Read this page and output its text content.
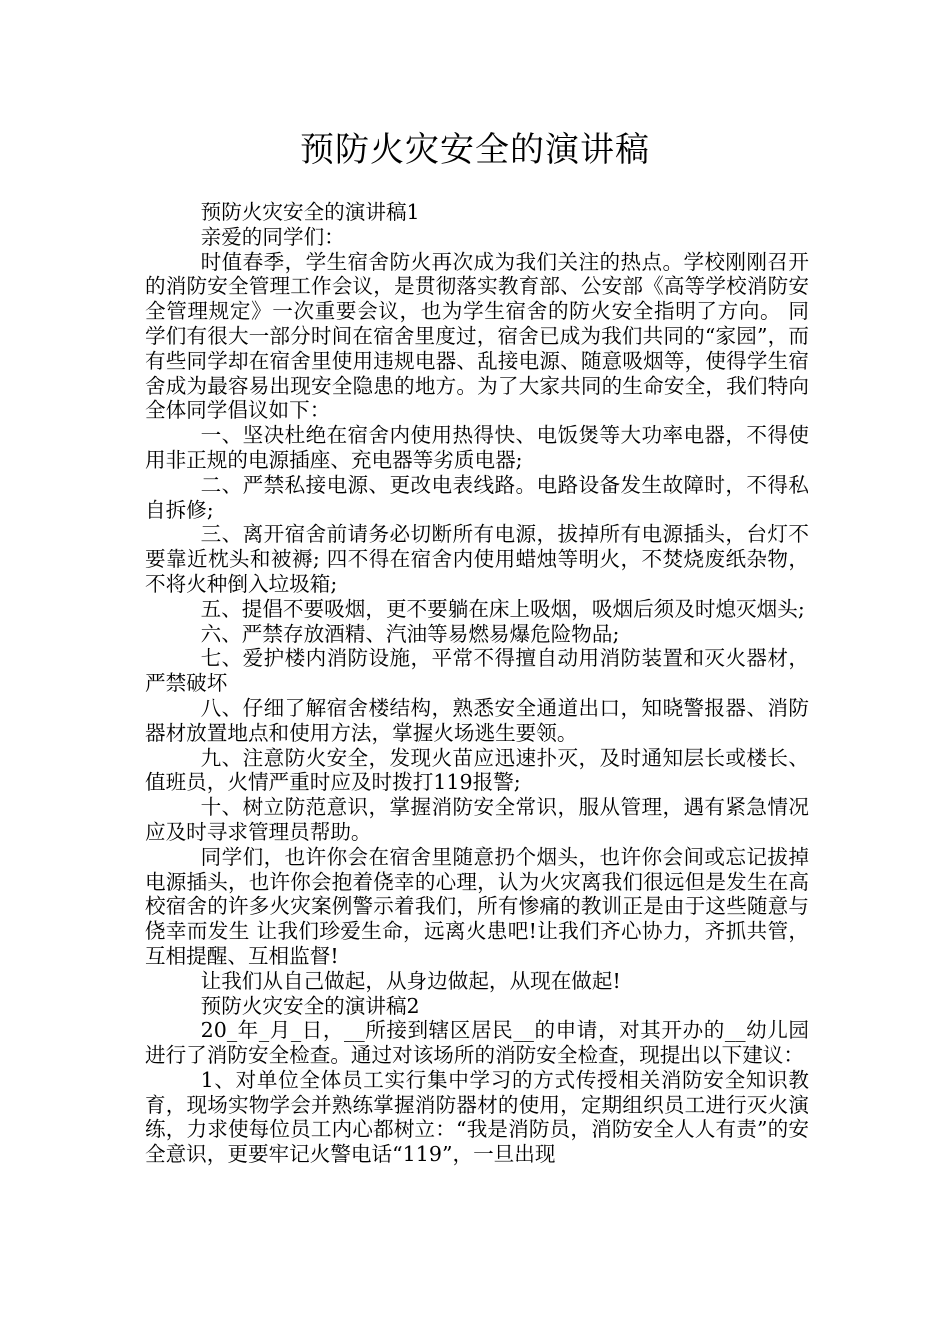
预防火灾安全的演讲稿

预防火灾安全的演讲稿1

亲爱的同学们：

时值春季，学生宿舍防火再次成为我们关注的热点。学校刚刚召开的消防安全管理工作会议，是贯彻落实教育部、公安部《高等学校消防安全管理规定》一次重要会议，也为学生宿舍的防火安全指明了方向。 同学们有很大一部分时间在宿舍里度过，宿舍已成为我们共同的“家园”，而有些同学却在宿舍里使用违规电器、乱接电源、随意吸烟等，使得学生宿舍成为最容易出现安全隐患的地方。为了大家共同的生命安全，我们特向全体同学倡议如下：

一、坚决杜绝在宿舍内使用热得快、电饭煲等大功率电器，不得使用非正规的电源插座、充电器等劣质电器;

二、严禁私接电源、更改电表线路。电路设备发生故障时，不得私自拆修;

三、离开宿舍前请务必切断所有电源，拔掉所有电源插头，台灯不要靠近枕头和被褥; 四不得在宿舍内使用蜡烛等明火，不焚烧废纸杂物，不将火种倒入垃圾箱;

五、提倡不要吸烟，更不要躺在床上吸烟，吸烟后须及时熄灭烟头;

六、严禁存放酒精、汽油等易燃易爆危险物品;

七、爱护楼内消防设施，平常不得擅自动用消防装置和灭火器材，严禁破坏

八、仔细了解宿舍楼结构，熟悉安全通道出口，知晓警报器、消防器材放置地点和使用方法，掌握火场逃生要领。

九、注意防火安全，发现火苗应迅速扑灭，及时通知层长或楼长、值班员，火情严重时应及时拨打119报警;

十、树立防范意识，掌握消防安全常识，服从管理，遇有紧急情况应及时寻求管理员帮助。

同学们，也许你会在宿舍里随意扔个烟头，也许你会间或忘记拔掉电源插头，也许你会抱着侥幸的心理，认为火灾离我们很远但是发生在高校宿舍的许多火灾案例警示着我们，所有惨痛的教训正是由于这些随意与侥幸而发生 让我们珍爱生命，远离火患吧!让我们齐心协力，齐抓共管，互相提醒、互相监督!

让我们从自己做起，从身边做起，从现在做起!

预防火灾安全的演讲稿2

20_年_月_日，__所接到辖区居民__的申请，对其开办的__幼儿园进行了消防安全检查。通过对该场所的消防安全检查，现提出以下建议：

1、对单位全体员工实行集中学习的方式传授相关消防安全知识教育，现场实物学会并熟练掌握消防器材的使用，定期组织员工进行灭火演练，力求使每位员工内心都树立：“我是消防员，消防安全人人有责”的安全意识，更要牢记火警电话“119”，一旦出现
